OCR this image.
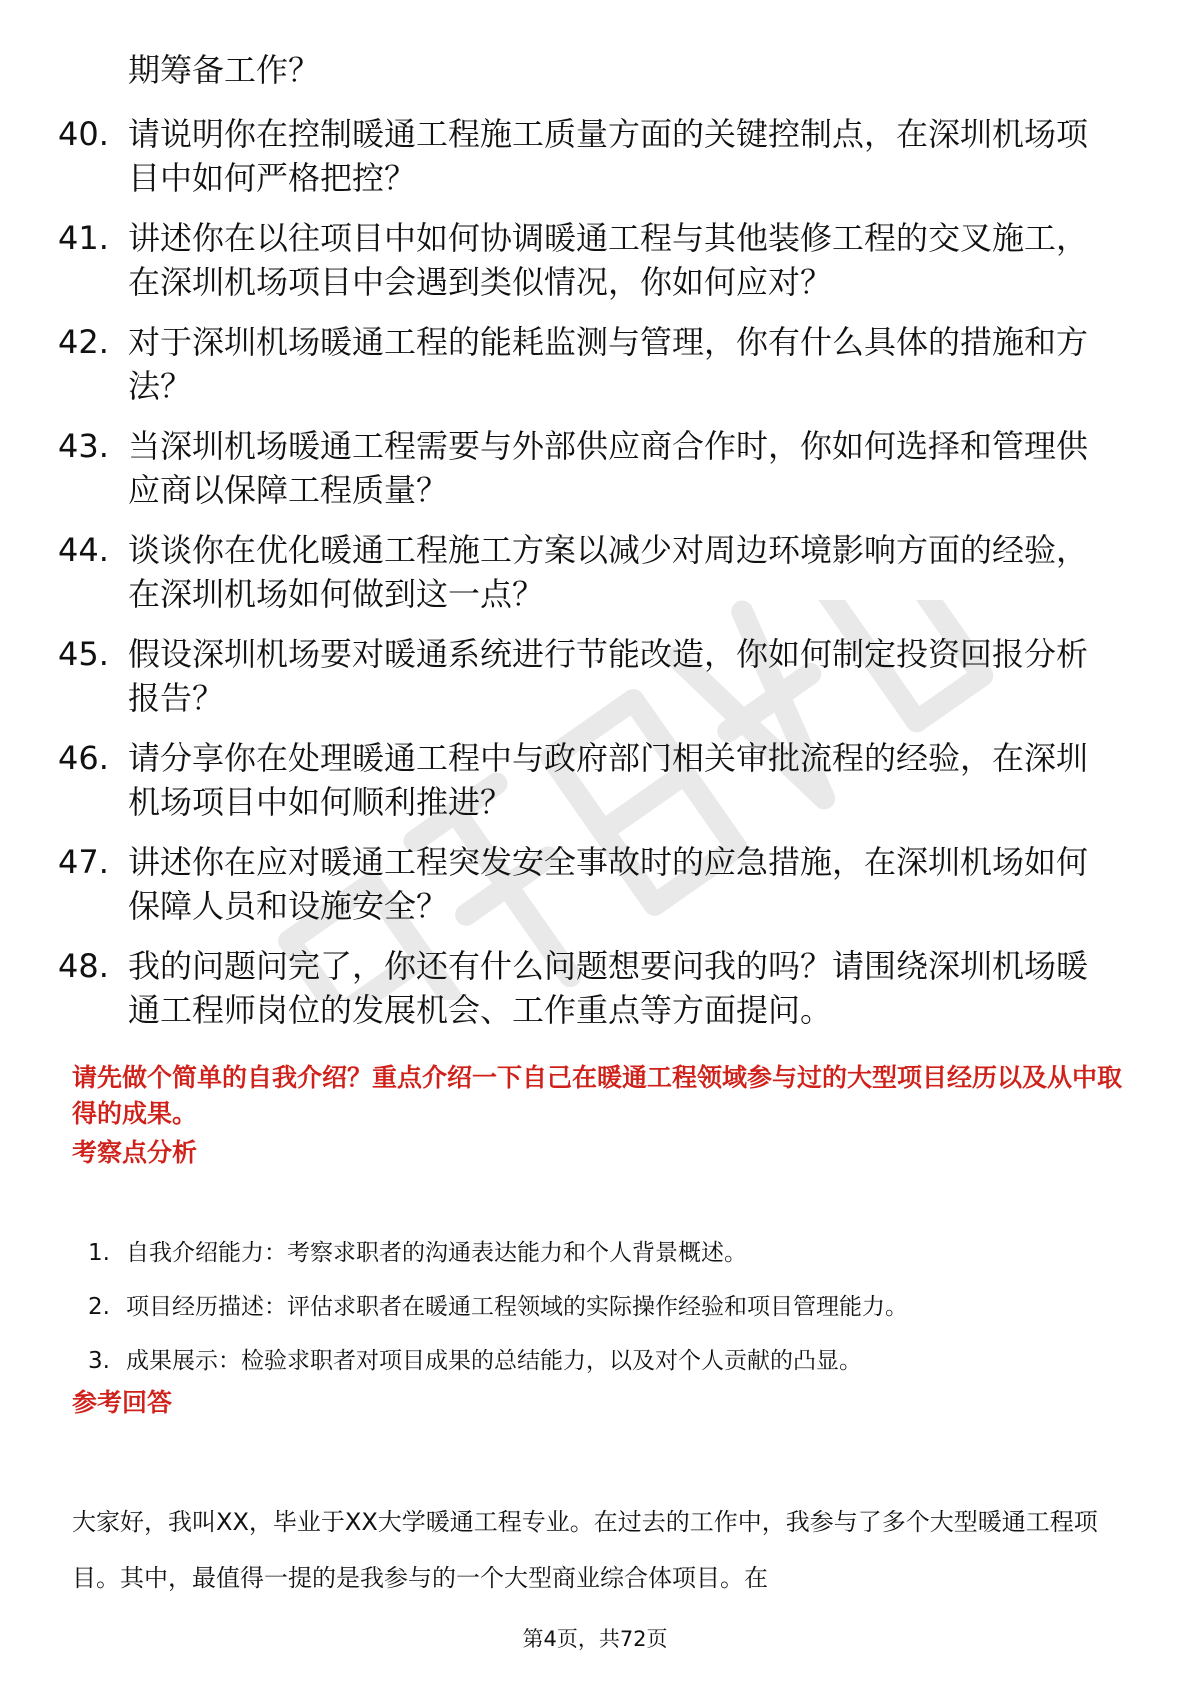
期筹备工作？
40. 请说明你在控制暖通工程施工质量方面的关键控制点，在深圳机场项目中如何严格把控？
41. 讲述你在以往项目中如何协调暖通工程与其他装修工程的交叉施工，在深圳机场项目中会遇到类似情况，你如何应对？
42. 对于深圳机场暖通工程的能耗监测与管理，你有什么具体的措施和方法？
43. 当深圳机场暖通工程需要与外部供应商合作时，你如何选择和管理供应商以保障工程质量？
44. 谈谈你在优化暖通工程施工方案以减少对周边环境影响方面的经验，在深圳机场如何做到这一点？
45. 假设深圳机场要对暖通系统进行节能改造，你如何制定投资回报分析报告？
46. 请分享你在处理暖通工程中与政府部门相关审批流程的经验，在深圳机场项目中如何顺利推进？
47. 讲述你在应对暖通工程突发安全事故时的应急措施，在深圳机场如何保障人员和设施安全？
48. 我的问题问完了，你还有什么问题想要问我的吗？请围绕深圳机场暖通工程师岗位的发展机会、工作重点等方面提问。
请先做个简单的自我介绍？重点介绍一下自己在暖通工程领域参与过的大型项目经历以及从中取得的成果。
考察点分析
1. 自我介绍能力：考察求职者的沟通表达能力和个人背景概述。
2. 项目经历描述：评估求职者在暖通工程领域的实际操作经验和项目管理能力。
3. 成果展示：检验求职者对项目成果的总结能力，以及对个人贡献的凸显。
参考回答
大家好，我叫XX，毕业于XX大学暖通工程专业。在过去的工作中，我参与了多个大型暖通工程项目。其中，最值得一提的是我参与的一个大型商业综合体项目。在
第4页，共72页
